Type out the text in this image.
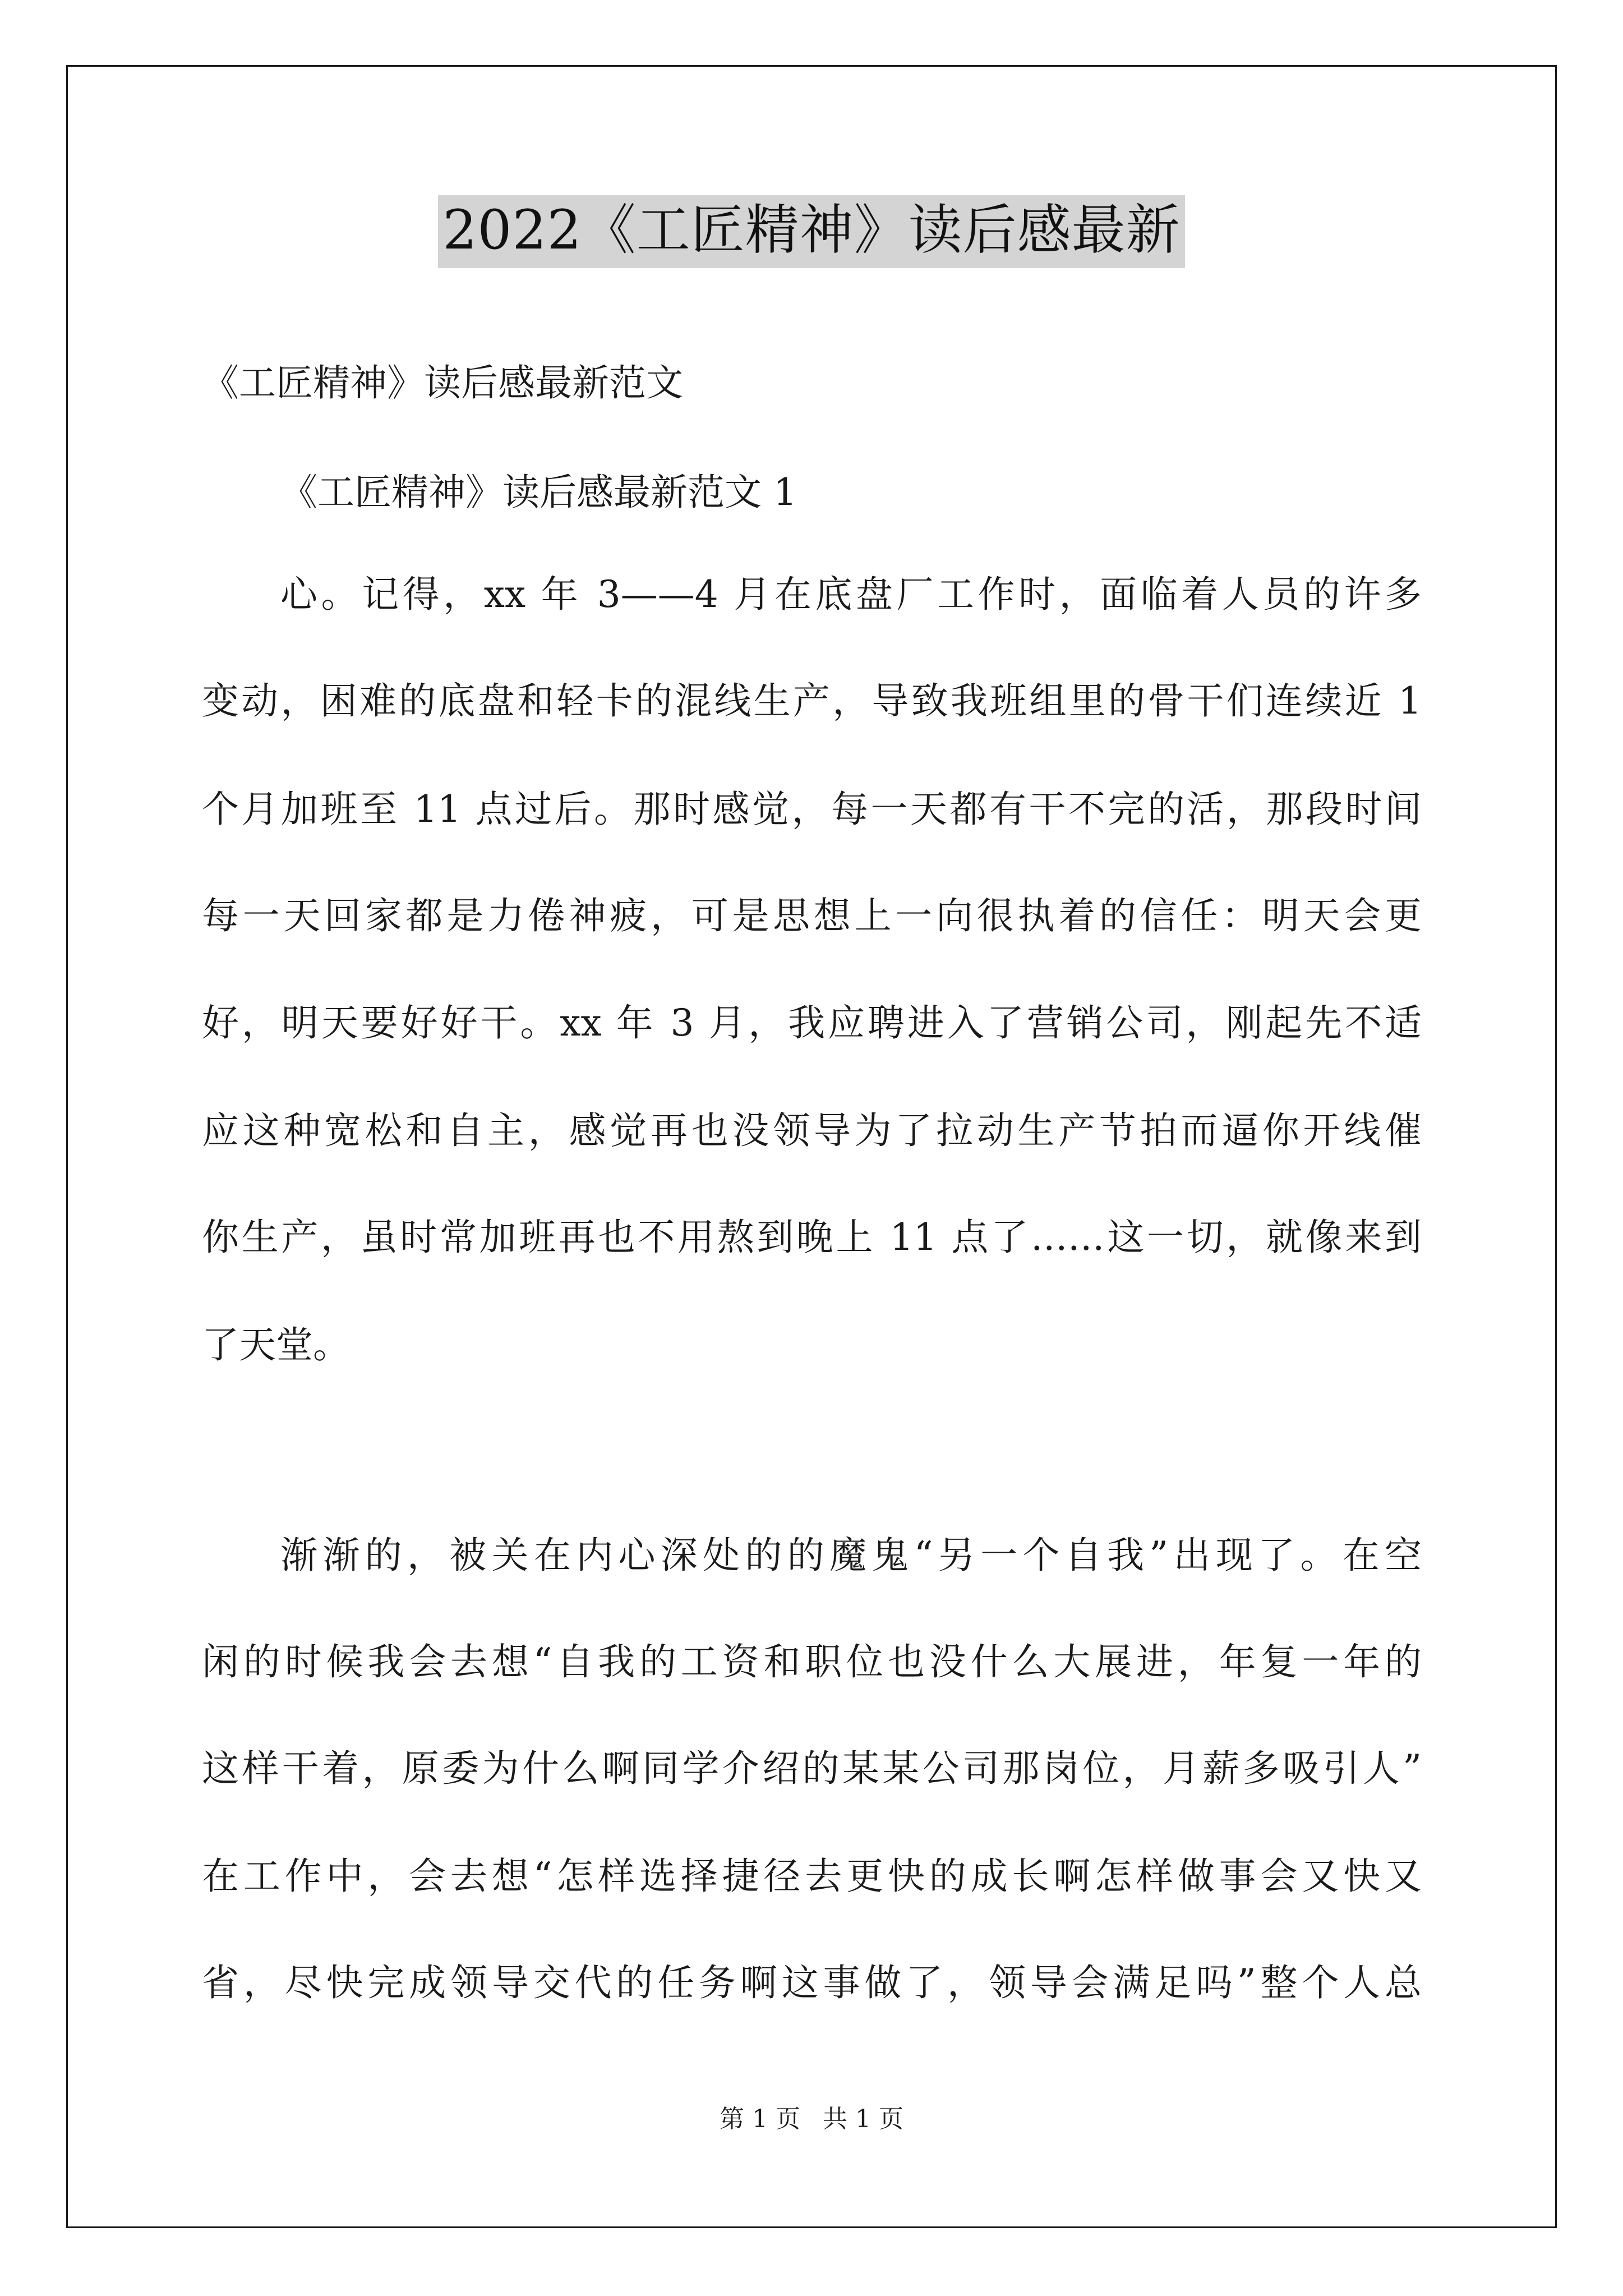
2022《工匠精神》读后感最新
《工匠精神》读后感最新范文
《工匠精神》读后感最新范文 1
心。记得，xx 年 3——4 月在底盘厂工作时，面临着人员的许多
变动，困难的底盘和轻卡的混线生产，导致我班组里的骨干们连续近 1
个月加班至 11 点过后。那时感觉，每一天都有干不完的活，那段时间
每一天回家都是力倦神疲，可是思想上一向很执着的信任：明天会更
好，明天要好好干。xx 年 3 月，我应聘进入了营销公司，刚起先不适
应这种宽松和自主，感觉再也没领导为了拉动生产节拍而逼你开线催
你生产，虽时常加班再也不用熬到晚上 11 点了……这一切，就像来到
了天堂。
渐渐的，被关在内心深处的的魔鬼“另一个自我”出现了。在空
闲的时候我会去想“自我的工资和职位也没什么大展进，年复一年的
这样干着，原委为什么啊同学介绍的某某公司那岗位，月薪多吸引人”
在工作中，会去想“怎样选择捷径去更快的成长啊怎样做事会又快又
省，尽快完成领导交代的任务啊这事做了，领导会满足吗”整个人总
第 1 页 共 1 页
